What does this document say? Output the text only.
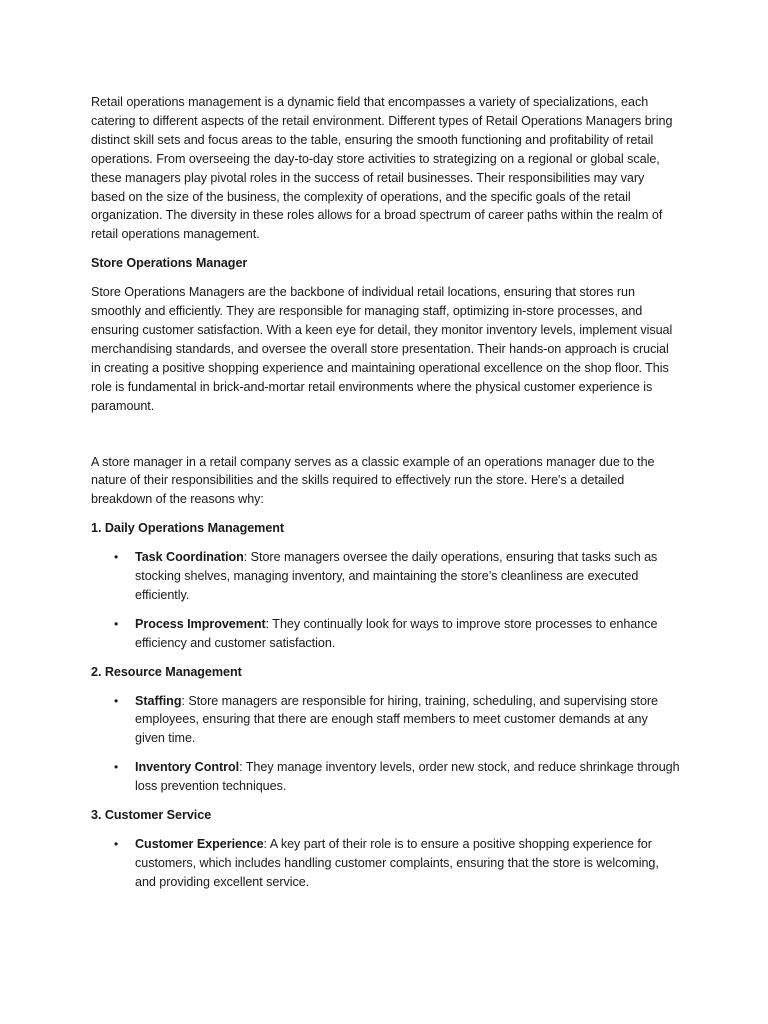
Retail operations management is a dynamic field that encompasses a variety of specializations, each catering to different aspects of the retail environment. Different types of Retail Operations Managers bring distinct skill sets and focus areas to the table, ensuring the smooth functioning and profitability of retail operations. From overseeing the day-to-day store activities to strategizing on a regional or global scale, these managers play pivotal roles in the success of retail businesses. Their responsibilities may vary based on the size of the business, the complexity of operations, and the specific goals of the retail organization. The diversity in these roles allows for a broad spectrum of career paths within the realm of retail operations management.

Store Operations Manager

Store Operations Managers are the backbone of individual retail locations, ensuring that stores run smoothly and efficiently. They are responsible for managing staff, optimizing in-store processes, and ensuring customer satisfaction. With a keen eye for detail, they monitor inventory levels, implement visual merchandising standards, and oversee the overall store presentation. Their hands-on approach is crucial in creating a positive shopping experience and maintaining operational excellence on the shop floor. This role is fundamental in brick-and-mortar retail environments where the physical customer experience is paramount.

A store manager in a retail company serves as a classic example of an operations manager due to the nature of their responsibilities and the skills required to effectively run the store. Here's a detailed breakdown of the reasons why:

1. Daily Operations Management

• Task Coordination: Store managers oversee the daily operations, ensuring that tasks such as stocking shelves, managing inventory, and maintaining the store’s cleanliness are executed efficiently.
• Process Improvement: They continually look for ways to improve store processes to enhance efficiency and customer satisfaction.

2. Resource Management

• Staffing: Store managers are responsible for hiring, training, scheduling, and supervising store employees, ensuring that there are enough staff members to meet customer demands at any given time.
• Inventory Control: They manage inventory levels, order new stock, and reduce shrinkage through loss prevention techniques.

3. Customer Service

• Customer Experience: A key part of their role is to ensure a positive shopping experience for customers, which includes handling customer complaints, ensuring that the store is welcoming, and providing excellent service.
